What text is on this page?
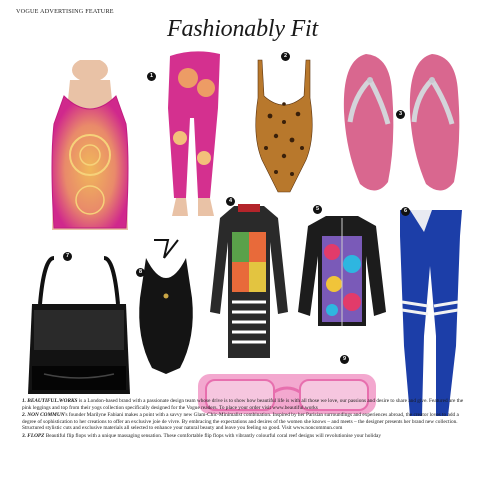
VOGUE ADVERTISING FEATURE
Fashionably Fit
1
2
3
4
5	6
7
8
9

1. BEAUTIFUL.WORKS is a London-based brand with a passionate design team whose drive is to show how beautiful life is with all those we love, our passions and desire to share and give. Featured are the pink leggings and top from their yogs collection specifically designed for the Vogue readers. To place your order visit www.beautiful.works

2. NON COMMUN's founder Marilyne Fabiani makes a point with a savvy new Glam-Chic-Minimalist combination. Inspired by her Parisian surroundings and experiences abroad, the creator loves to add a degree of sophistication to her creations to offer an exclusive joie de vivre. By embracing the expectations and desires of the women she knows – and meets – the designer presents her brand new collection. Structured stylistic cuts and exclusive materials all selected to enhance your natural beauty and leave you feeling so good. Visit www.noncommun.com

3. FLOPZ Beautiful flip flops with a unique massaging sensation. These comfortable flip flops with vibrantly colourful coral reef designs will revolutionise your holiday
